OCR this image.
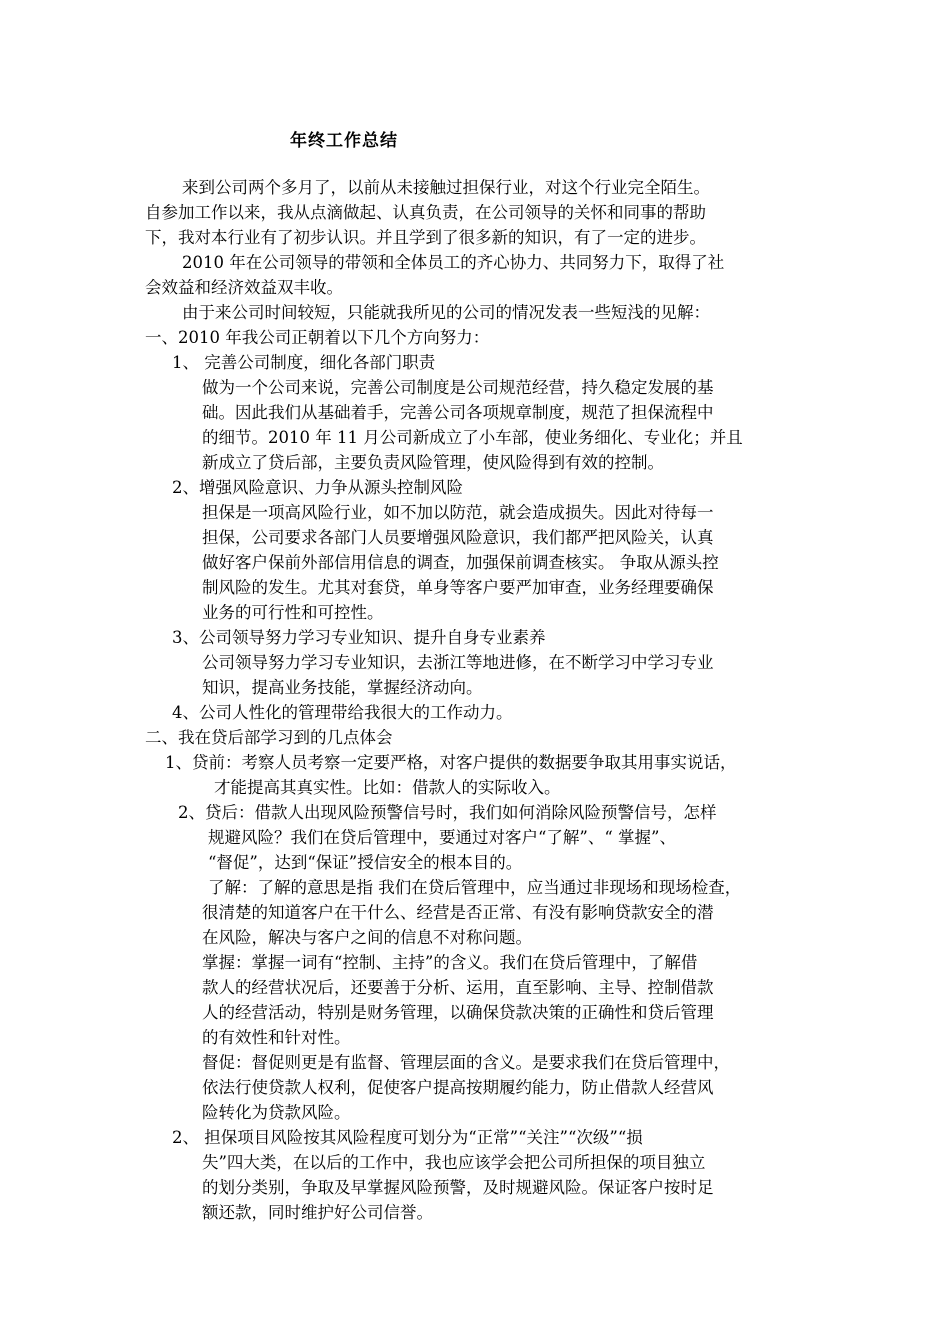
年终工作总结
来到公司两个多月了，以前从未接触过担保行业，对这个行业完全陌生。
自参加工作以来，我从点滴做起、认真负责，在公司领导的关怀和同事的帮助
下，我对本行业有了初步认识。并且学到了很多新的知识，有了一定的进步。
2010 年在公司领导的带领和全体员工的齐心协力、共同努力下，取得了社
会效益和经济效益双丰收。
由于来公司时间较短，只能就我所见的公司的情况发表一些短浅的见解：
一、2010 年我公司正朝着以下几个方向努力：
1、 完善公司制度，细化各部门职责
做为一个公司来说，完善公司制度是公司规范经营，持久稳定发展的基
础。因此我们从基础着手，完善公司各项规章制度，规范了担保流程中
的细节。2010 年 11 月公司新成立了小车部，使业务细化、专业化；并且
新成立了贷后部，主要负责风险管理，使风险得到有效的控制。
2、增强风险意识、力争从源头控制风险
担保是一项高风险行业，如不加以防范，就会造成损失。因此对待每一
担保，公司要求各部门人员要增强风险意识，我们都严把风险关，认真
做好客户保前外部信用信息的调查，加强保前调查核实。 争取从源头控
制风险的发生。尤其对套贷，单身等客户要严加审查，业务经理要确保
业务的可行性和可控性。
3、公司领导努力学习专业知识、提升自身专业素养
公司领导努力学习专业知识，去浙江等地进修，在不断学习中学习专业
知识，提高业务技能，掌握经济动向。
4、公司人性化的管理带给我很大的工作动力。
二、我在贷后部学习到的几点体会
1、贷前：考察人员考察一定要严格，对客户提供的数据要争取其用事实说话，
才能提高其真实性。比如：借款人的实际收入。
2、贷后：借款人出现风险预警信号时，我们如何消除风险预警信号，怎样
规避风险？我们在贷后管理中，要通过对客户“了解”、“ 掌握”、
“督促”，达到“保证”授信安全的根本目的。
了解：了解的意思是指 我们在贷后管理中，应当通过非现场和现场检查，
很清楚的知道客户在干什么、经营是否正常、有没有影响贷款安全的潜
在风险，解决与客户之间的信息不对称问题。
掌握：掌握一词有“控制、主持”的含义。我们在贷后管理中，了解借
款人的经营状况后，还要善于分析、运用，直至影响、主导、控制借款
人的经营活动，特别是财务管理，以确保贷款决策的正确性和贷后管理
的有效性和针对性。
督促：督促则更是有监督、管理层面的含义。是要求我们在贷后管理中，
依法行使贷款人权利，促使客户提高按期履约能力，防止借款人经营风
险转化为贷款风险。
2、 担保项目风险按其风险程度可划分为“正常”“关注”“次级”“损
失”四大类，在以后的工作中，我也应该学会把公司所担保的项目独立
的划分类别，争取及早掌握风险预警，及时规避风险。保证客户按时足
额还款，同时维护好公司信誉。
